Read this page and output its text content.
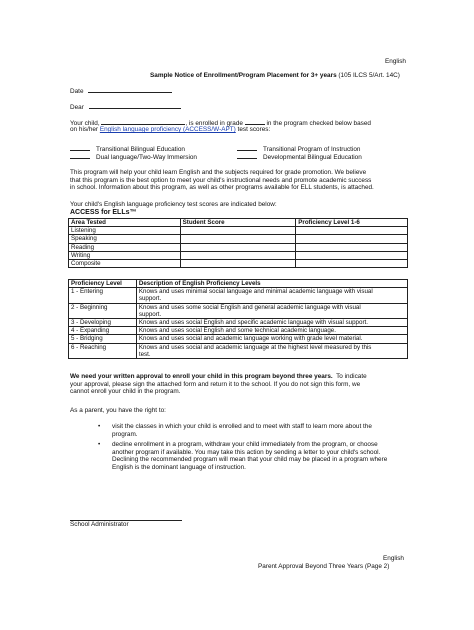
English
Sample Notice of Enrollment/Program Placement for 3+ years (105 ILCS 5/Art. 14C)
Date
Dear
Your child,	, is enrolled in grade	in the program checked below based
on his/her English language proficiency (ACCESS/W-APT) test scores:
Transitional Bilingual Education
Dual language/Two-Way Immersion
Transitional Program of Instruction
Developmental Bilingual Education
This program will help your child learn English and the subjects required for grade promotion. We believe
that this program is the best option to meet your child's instructional needs and promote academic success
in school. Information about this program, as well as other programs available for ELL students, is attached.
Your child's English language proficiency test scores are indicated below:
ACCESS for ELLs™
Area Tested	Student Score	Proficiency Level 1-6
Listening		
Speaking		
Reading		
Writing		
Composite		
Proficiency Level	Description of English Proficiency Levels
1 - Entering	Knows and uses minimal social language and minimal academic language with visual
support.

2 - Beginning	Knows and uses some social English and general academic language with visual
support.

3 - Developing	Knows and uses social English and specific academic language with visual support.
4 - Expanding	Knows and uses social English and some technical academic language.
5 - Bridging	Knows and uses social and academic language working with grade level material.
6 - Reaching	Knows and uses social and academic language at the highest level measured by this
test.
We need your written approval to enroll your child in this program beyond three years. To indicate
your approval, please sign the attached form and return it to the school. If you do not sign this form, we
cannot enroll your child in the program.
As a parent, you have the right to:
• visit the classes in which your child is enrolled and to meet with staff to learn more about the
program.
• decline enrollment in a program, withdraw your child immediately from the program, or choose
another program if available. You may take this action by sending a letter to your child's school.
Declining the recommended program will mean that your child may be placed in a program where
English is the dominant language of instruction.
School Administrator
English
Parent Approval Beyond Three Years (Page 2)
